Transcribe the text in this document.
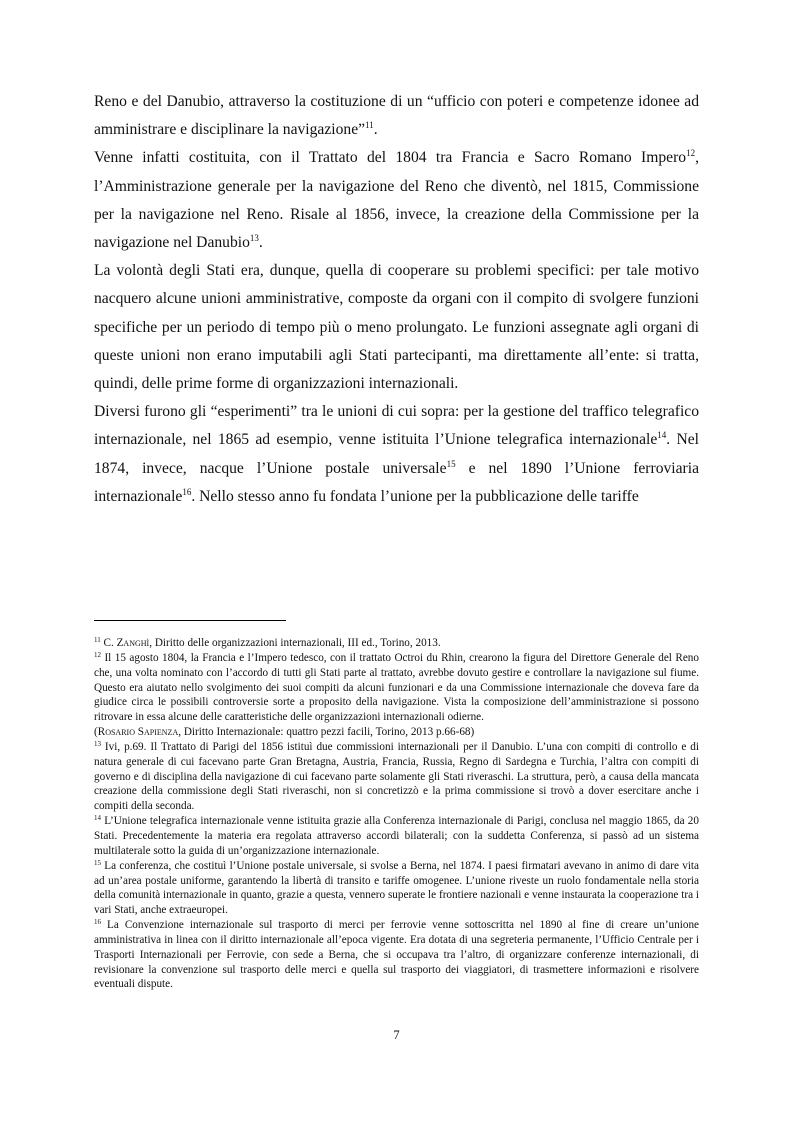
Reno e del Danubio, attraverso la costituzione di un “ufficio con poteri e competenze idonee ad amministrare e disciplinare la navigazione”$^{11}$.

Venne infatti costituita, con il Trattato del 1804 tra Francia e Sacro Romano Impero$^{12}$, l’Amministrazione generale per la navigazione del Reno che diventò, nel 1815, Commissione per la navigazione nel Reno. Risale al 1856, invece, la creazione della Commissione per la navigazione nel Danubio$^{13}$.

La volontà degli Stati era, dunque, quella di cooperare su problemi specifici: per tale motivo nacquero alcune unioni amministrative, composte da organi con il compito di svolgere funzioni specifiche per un periodo di tempo più o meno prolungato. Le funzioni assegnate agli organi di queste unioni non erano imputabili agli Stati partecipanti, ma direttamente all’ente: si tratta, quindi, delle prime forme di organizzazioni internazionali.

Diversi furono gli “esperimenti” tra le unioni di cui sopra: per la gestione del traffico telegrafico internazionale, nel 1865 ad esempio, venne istituita l’Unione telegrafica internazionale$^{14}$. Nel 1874, invece, nacque l’Unione postale universale$^{15}$ e nel 1890 l’Unione ferroviaria internazionale$^{16}$. Nello stesso anno fu fondata l’unione per la pubblicazione delle tariffe

$^{11}$ C. Zanghì, Diritto delle organizzazioni internazionali, III ed., Torino, 2013.

$^{12}$ Il 15 agosto 1804, la Francia e l’Impero tedesco, con il trattato Octroi du Rhin, crearono la figura del Direttore Generale del Reno che, una volta nominato con l’accordo di tutti gli Stati parte al trattato, avrebbe dovuto gestire e controllare la navigazione sul fiume. Questo era aiutato nello svolgimento dei suoi compiti da alcuni funzionari e da una Commissione internazionale che doveva fare da giudice circa le possibili controversie sorte a proposito della navigazione. Vista la composizione dell’amministrazione si possono ritrovare in essa alcune delle caratteristiche delle organizzazioni internazionali odierne.

(Rosario Sapienza, Diritto Internazionale: quattro pezzi facili, Torino, 2013 p.66-68)

$^{13}$ Ivi, p.69. Il Trattato di Parigi del 1856 istituì due commissioni internazionali per il Danubio. L’una con compiti di controllo e di natura generale di cui facevano parte Gran Bretagna, Austria, Francia, Russia, Regno di Sardegna e Turchia, l’altra con compiti di governo e di disciplina della navigazione di cui facevano parte solamente gli Stati riveraschi. La struttura, però, a causa della mancata creazione della commissione degli Stati riveraschi, non si concretizzò e la prima commissione si trovò a dover esercitare anche i compiti della seconda.

$^{14}$ L’Unione telegrafica internazionale venne istituita grazie alla Conferenza internazionale di Parigi, conclusa nel maggio 1865, da 20 Stati. Precedentemente la materia era regolata attraverso accordi bilaterali; con la suddetta Conferenza, si passò ad un sistema multilaterale sotto la guida di un’organizzazione internazionale.

$^{15}$ La conferenza, che costituì l’Unione postale universale, si svolse a Berna, nel 1874. I paesi firmatari avevano in animo di dare vita ad un’area postale uniforme, garantendo la libertà di transito e tariffe omogenee. L’unione riveste un ruolo fondamentale nella storia della comunità internazionale in quanto, grazie a questa, vennero superate le frontiere nazionali e venne instaurata la cooperazione tra i vari Stati, anche extraeuropei.

$^{16}$ La Convenzione internazionale sul trasporto di merci per ferrovie venne sottoscritta nel 1890 al fine di creare un’unione amministrativa in linea con il diritto internazionale all’epoca vigente. Era dotata di una segreteria permanente, l’Ufficio Centrale per i Trasporti Internazionali per Ferrovie, con sede a Berna, che si occupava tra l’altro, di organizzare conferenze internazionali, di revisionare la convenzione sul trasporto delle merci e quella sul trasporto dei viaggiatori, di trasmettere informazioni e risolvere eventuali dispute.

7
